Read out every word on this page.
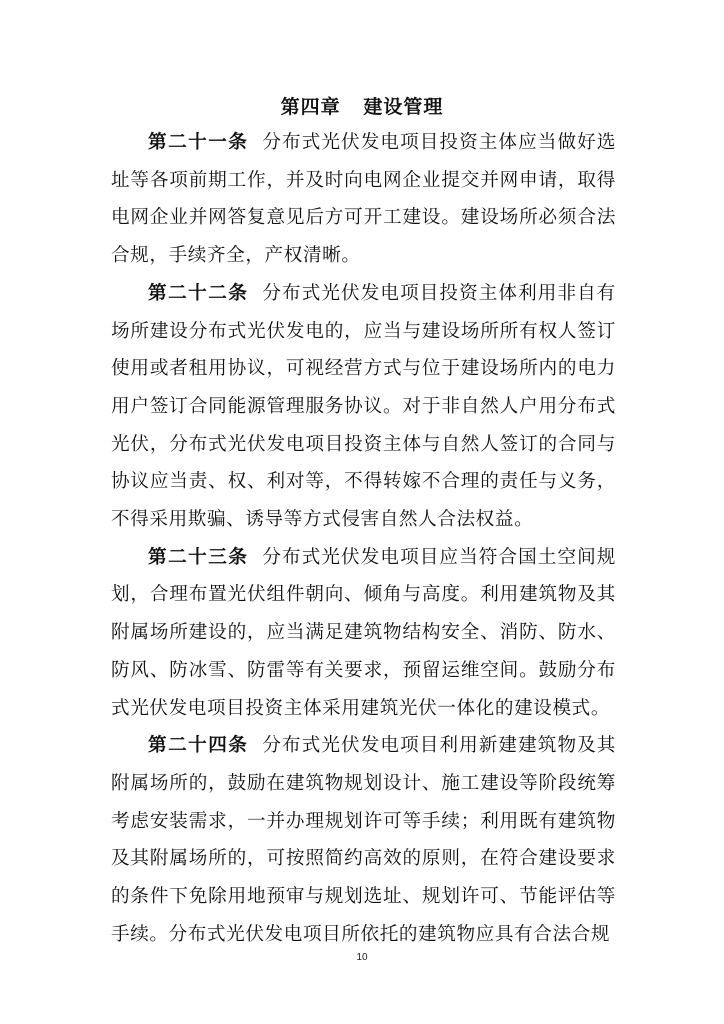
第四章   建设管理

第二十一条 分布式光伏发电项目投资主体应当做好选址等各项前期工作，并及时向电网企业提交并网申请，取得电网企业并网答复意见后方可开工建设。建设场所必须合法合规，手续齐全，产权清晰。

第二十二条 分布式光伏发电项目投资主体利用非自有场所建设分布式光伏发电的，应当与建设场所所有权人签订使用或者租用协议，可视经营方式与位于建设场所内的电力用户签订合同能源管理服务协议。对于非自然人户用分布式光伏，分布式光伏发电项目投资主体与自然人签订的合同与协议应当责、权、利对等，不得转嫁不合理的责任与义务，不得采用欺骗、诱导等方式侵害自然人合法权益。

第二十三条 分布式光伏发电项目应当符合国土空间规划，合理布置光伏组件朝向、倾角与高度。利用建筑物及其附属场所建设的，应当满足建筑物结构安全、消防、防水、防风、防冰雪、防雷等有关要求，预留运维空间。鼓励分布式光伏发电项目投资主体采用建筑光伏一体化的建设模式。

第二十四条 分布式光伏发电项目利用新建建筑物及其附属场所的，鼓励在建筑物规划设计、施工建设等阶段统筹考虑安装需求，一并办理规划许可等手续；利用既有建筑物及其附属场所的，可按照简约高效的原则，在符合建设要求的条件下免除用地预审与规划选址、规划许可、节能评估等手续。分布式光伏发电项目所依托的建筑物应具有合法合规

10
